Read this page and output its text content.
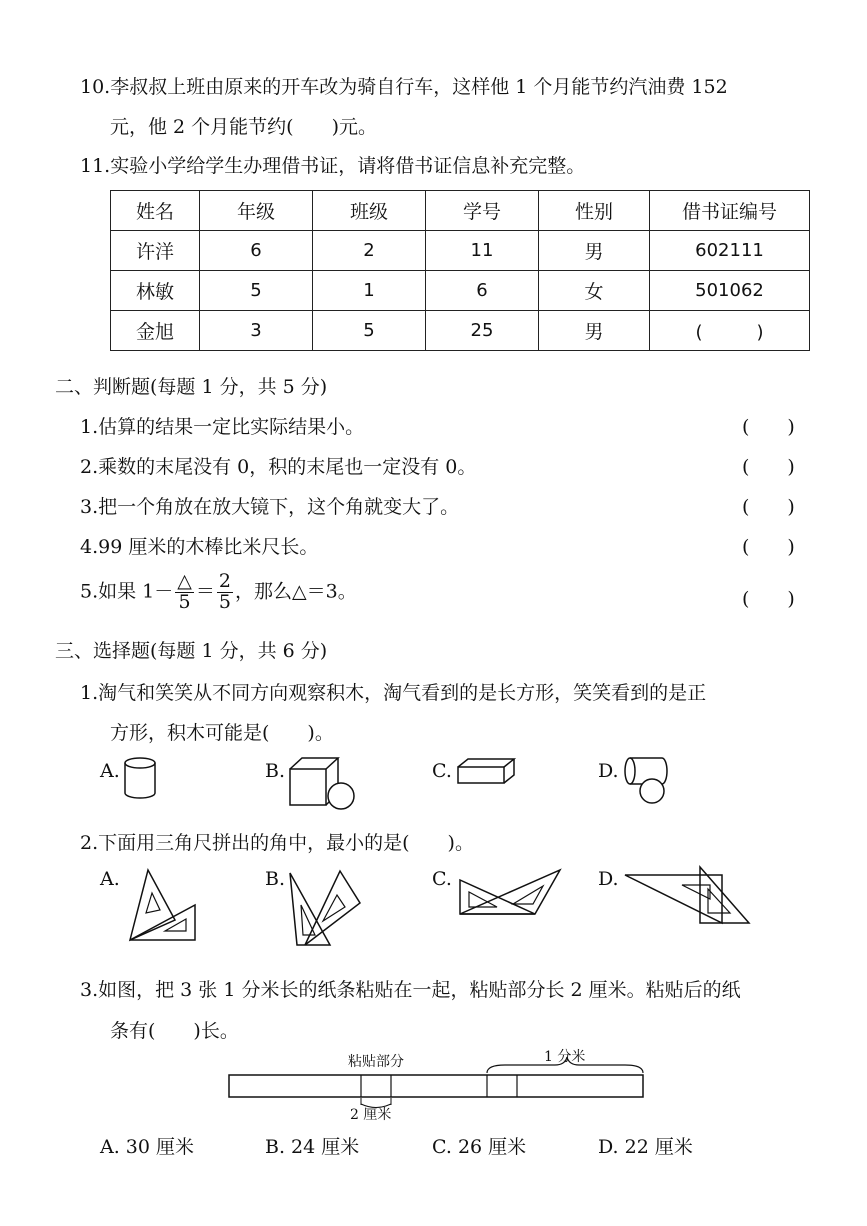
10.李叔叔上班由原来的开车改为骑自行车，这样他 1 个月能节约汽油费 152
元，他 2 个月能节约(　　)元。
11.实验小学给学生办理借书证，请将借书证信息补充完整。
姓名	年级	班级	学号	性别	借书证编号
许洋	6	2	11	男	602111
林敏	5	1	6	女	501062
金旭	3	5	25	男	(　　　)
二、判断题(每题 1 分，共 5 分)
1.估算的结果一定比实际结果小。	(　　)
2.乘数的末尾没有 0，积的末尾也一定没有 0。	(　　)
3.把一个角放在放大镜下，这个角就变大了。	(　　)
4.99 厘米的木棒比米尺长。	(　　)
5.如果 $1- \frac{\triangle}{5} = \frac{2}{5}$ ，那么△＝3。	(　　)
三、选择题(每题 1 分，共 6 分)
1.淘气和笑笑从不同方向观察积木，淘气看到的是长方形，笑笑看到的是正
方形，积木可能是(　　)。
A.	B.	C.	D.
2.下面用三角尺拼出的角中，最小的是(　　)。
A.	B.	C.	D.
3.如图，把 3 张 1 分米长的纸条粘贴在一起，粘贴部分长 2 厘米。粘贴后的纸
条有(　　)长。
粘贴部分	1 分米
2 厘米
A. 30 厘米	B. 24 厘米	C. 26 厘米	D. 22 厘米
